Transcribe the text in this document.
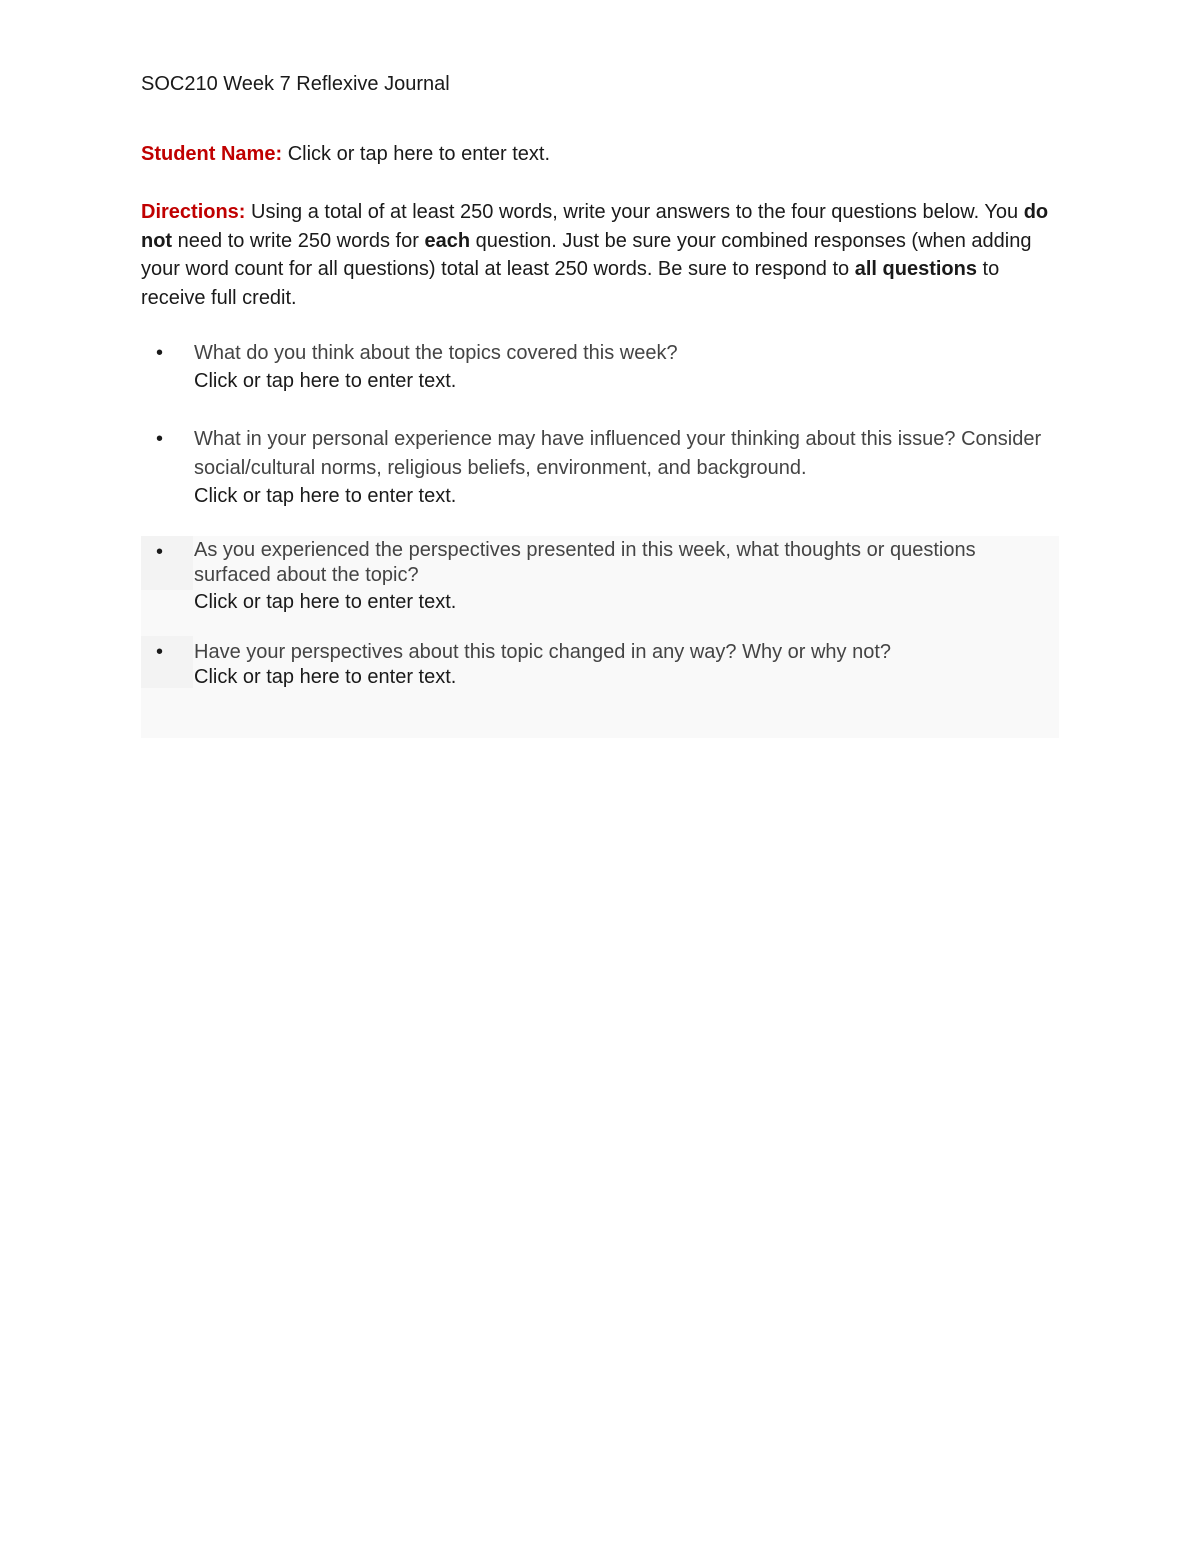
SOC210 Week 7 Reflexive Journal
Student Name: Click or tap here to enter text.
Directions: Using a total of at least 250 words, write your answers to the four questions below. You do not need to write 250 words for each question. Just be sure your combined responses (when adding your word count for all questions) total at least 250 words. Be sure to respond to all questions to receive full credit.
•	What do you think about the topics covered this week?
Click or tap here to enter text.
•	What in your personal experience may have influenced your thinking about this issue? Consider social/cultural norms, religious beliefs, environment, and background.
Click or tap here to enter text.
•	As you experienced the perspectives presented in this week, what thoughts or questions surfaced about the topic?
Click or tap here to enter text.
•	Have your perspectives about this topic changed in any way? Why or why not?
Click or tap here to enter text.
